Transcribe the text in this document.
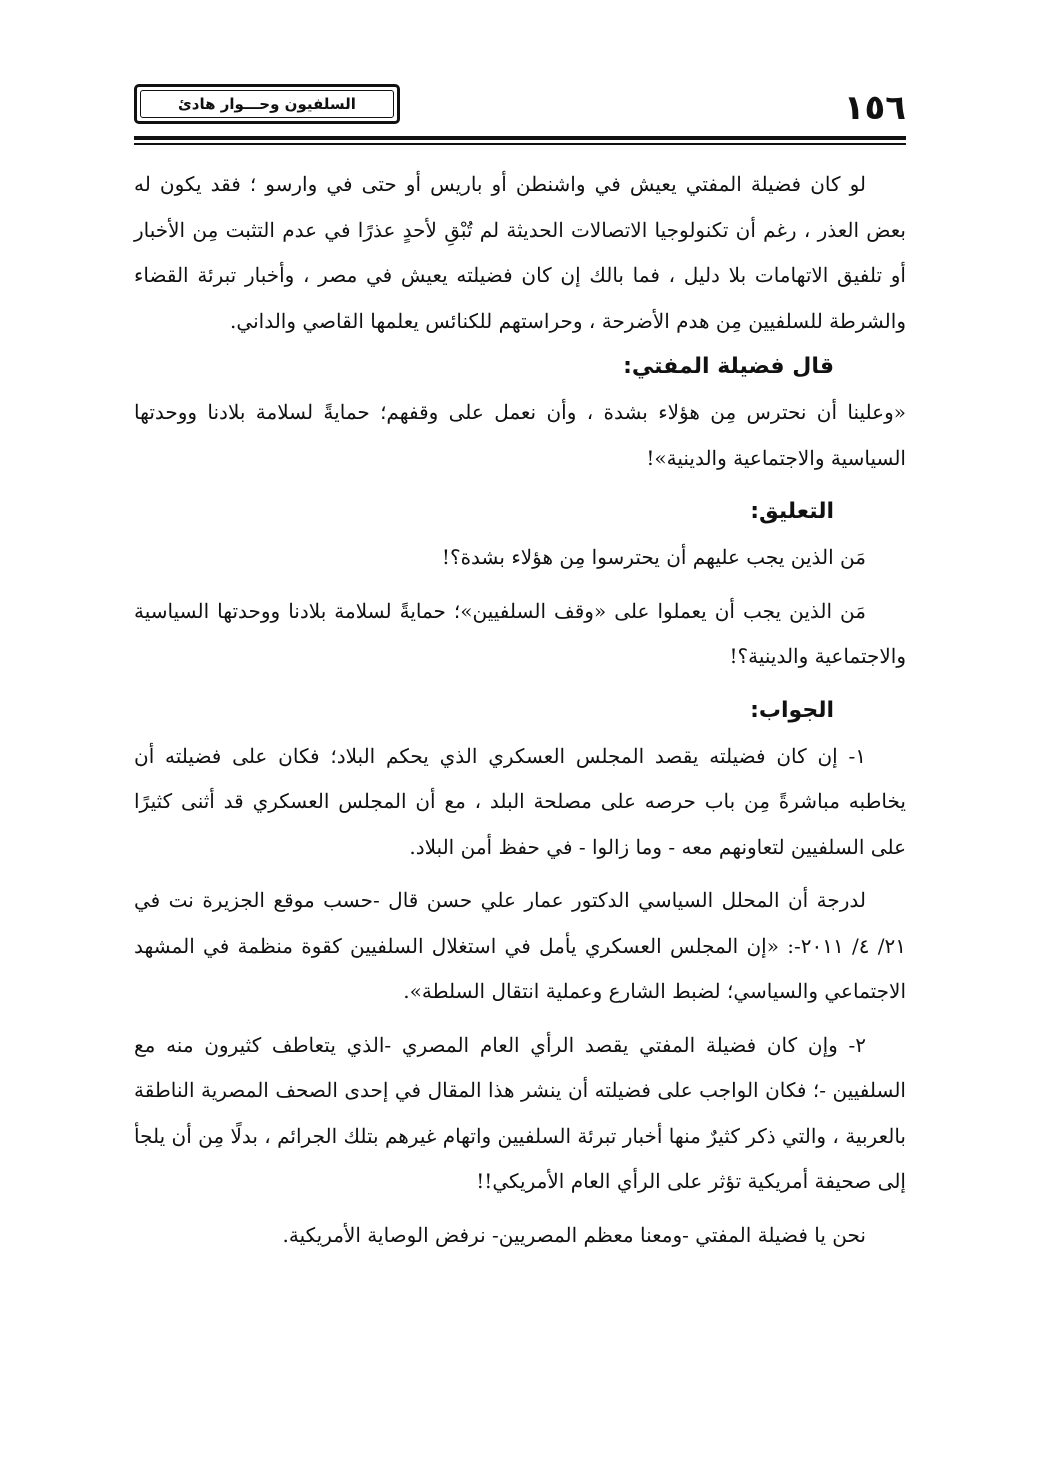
١٥٦
السلفيون وحـــوار هادئ

لو كان فضيلة المفتي يعيش في واشنطن أو باريس أو حتى في وارسو ؛ فقد يكون له بعض العذر ، رغم أن تكنولوجيا الاتصالات الحديثة لم تُبْقِ لأحدٍ عذرًا في عدم التثبت مِن الأخبار أو تلفيق الاتهامات بلا دليل ، فما بالك إن كان فضيلته يعيش في مصر ، وأخبار تبرئة القضاء والشرطة للسلفيين مِن هدم الأضرحة ، وحراستهم للكنائس يعلمها القاصي والداني.

قال فضيلة المفتي:

«وعلينا أن نحترس مِن هؤلاء بشدة ، وأن نعمل على وقفهم؛ حمايةً لسلامة بلادنا ووحدتها السياسية والاجتماعية والدينية»!

التعليق:

مَن الذين يجب عليهم أن يحترسوا مِن هؤلاء بشدة؟!

مَن الذين يجب أن يعملوا على «وقف السلفيين»؛ حمايةً لسلامة بلادنا ووحدتها السياسية والاجتماعية والدينية؟!

الجواب:

١- إن كان فضيلته يقصد المجلس العسكري الذي يحكم البلاد؛ فكان على فضيلته أن يخاطبه مباشرةً مِن باب حرصه على مصلحة البلد ، مع أن المجلس العسكري قد أثنى كثيرًا على السلفيين لتعاونهم معه - وما زالوا - في حفظ أمن البلاد.

لدرجة أن المحلل السياسي الدكتور عمار علي حسن قال -حسب موقع الجزيرة نت في ٢١/ ٤/ ٢٠١١-: «إن المجلس العسكري يأمل في استغلال السلفيين كقوة منظمة في المشهد الاجتماعي والسياسي؛ لضبط الشارع وعملية انتقال السلطة».

٢- وإن كان فضيلة المفتي يقصد الرأي العام المصري -الذي يتعاطف كثيرون منه مع السلفيين -؛ فكان الواجب على فضيلته أن ينشر هذا المقال في إحدى الصحف المصرية الناطقة بالعربية ، والتي ذكر كثيرٌ منها أخبار تبرئة السلفيين واتهام غيرهم بتلك الجرائم ، بدلًا مِن أن يلجأ إلى صحيفة أمريكية تؤثر على الرأي العام الأمريكي!!

نحن يا فضيلة المفتي -ومعنا معظم المصريين- نرفض الوصاية الأمريكية.
